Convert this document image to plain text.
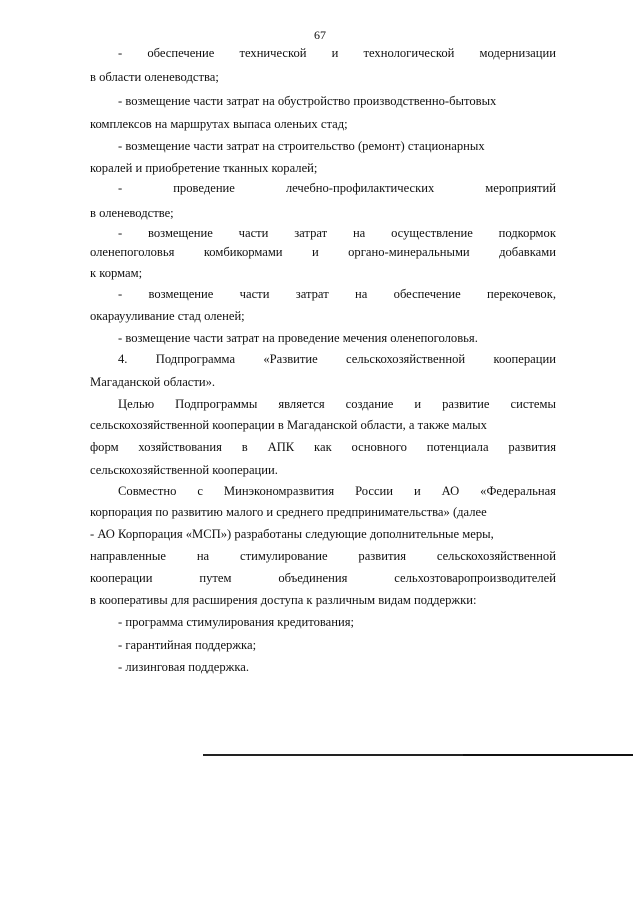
67
- обеспечение технической и технологической модернизации

в области оленеводства;

- возмещение части затрат на обустройство производственно-бытовых

комплексов на маршрутах выпаса оленьих стад;

- возмещение части затрат на строительство (ремонт) стационарных

коралей и приобретение тканных коралей;

-	проведение	лечебно-профилактических	мероприятий

в оленеводстве;

- возмещение части затрат на осуществление подкормок
оленепоголовья комбикормами и органо-минеральными добавками

к кормам;

- возмещение части затрат на обеспечение перекочевок,

окараууливание стад оленей;

- возмещение части затрат на проведение мечения оленепоголовья.

4. Подпрограмма «Развитие сельскохозяйственной кооперации

Магаданской области».

Целью Подпрограммы является создание и развитие системы

сельскохозяйственной кооперации в Магаданской области, а также малых

форм хозяйствования в АПК как основного потенциала развития

сельскохозяйственной кооперации.

Совместно с Минэкономразвития России и АО «Федеральная

корпорация по развитию малого и среднего предпринимательства» (далее

- АО Корпорация «МСП») разработаны следующие дополнительные меры,

направленные на стимулирование развития сельскохозяйственной
кооперации	путем	объединения	сельхозтоваропроизводителей

в кооперативы для расширения доступа к различным видам поддержки:

- программа стимулирования кредитования;

- гарантийная поддержка;

- лизинговая поддержка.
